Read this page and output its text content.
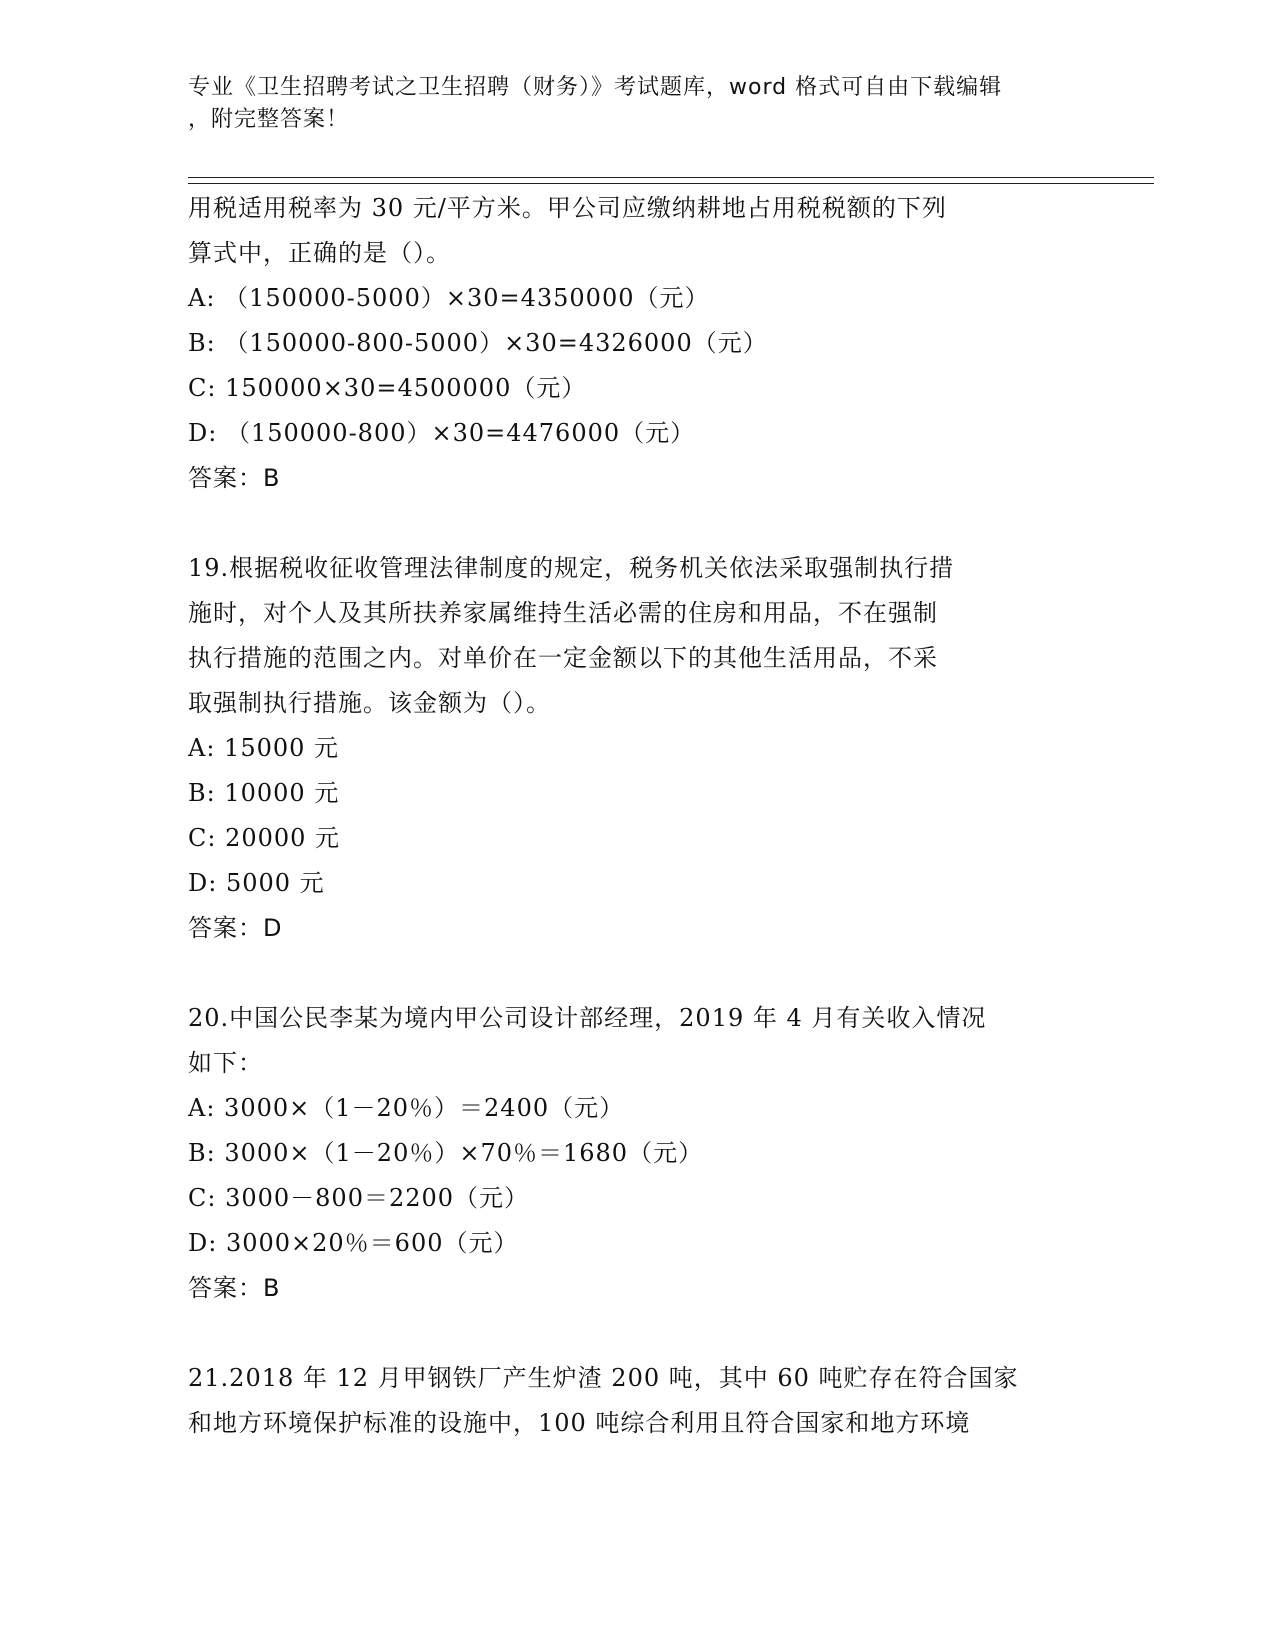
专业《卫生招聘考试之卫生招聘（财务）》考试题库，word 格式可自由下载编辑
，附完整答案！
用税适用税率为 30 元/平方米。甲公司应缴纳耕地占用税税额的下列
算式中，正确的是（）。
A: （150000-5000）×30=4350000（元）
B: （150000-800-5000）×30=4326000（元）
C: 150000×30=4500000（元）
D: （150000-800）×30=4476000（元）
答案：B
19.根据税收征收管理法律制度的规定，税务机关依法采取强制执行措
施时，对个人及其所扶养家属维持生活必需的住房和用品，不在强制
执行措施的范围之内。对单价在一定金额以下的其他生活用品，不采
取强制执行措施。该金额为（）。
A: 15000 元
B: 10000 元
C: 20000 元
D: 5000 元
答案：D
20.中国公民李某为境内甲公司设计部经理，2019 年 4 月有关收入情况
如下：
A: 3000×（1－20％）＝2400（元）
B: 3000×（1－20％）×70％＝1680（元）
C: 3000－800＝2200（元）
D: 3000×20％＝600（元）
答案：B
21.2018 年 12 月甲钢铁厂产生炉渣 200 吨，其中 60 吨贮存在符合国家
和地方环境保护标准的设施中，100 吨综合利用且符合国家和地方环境
